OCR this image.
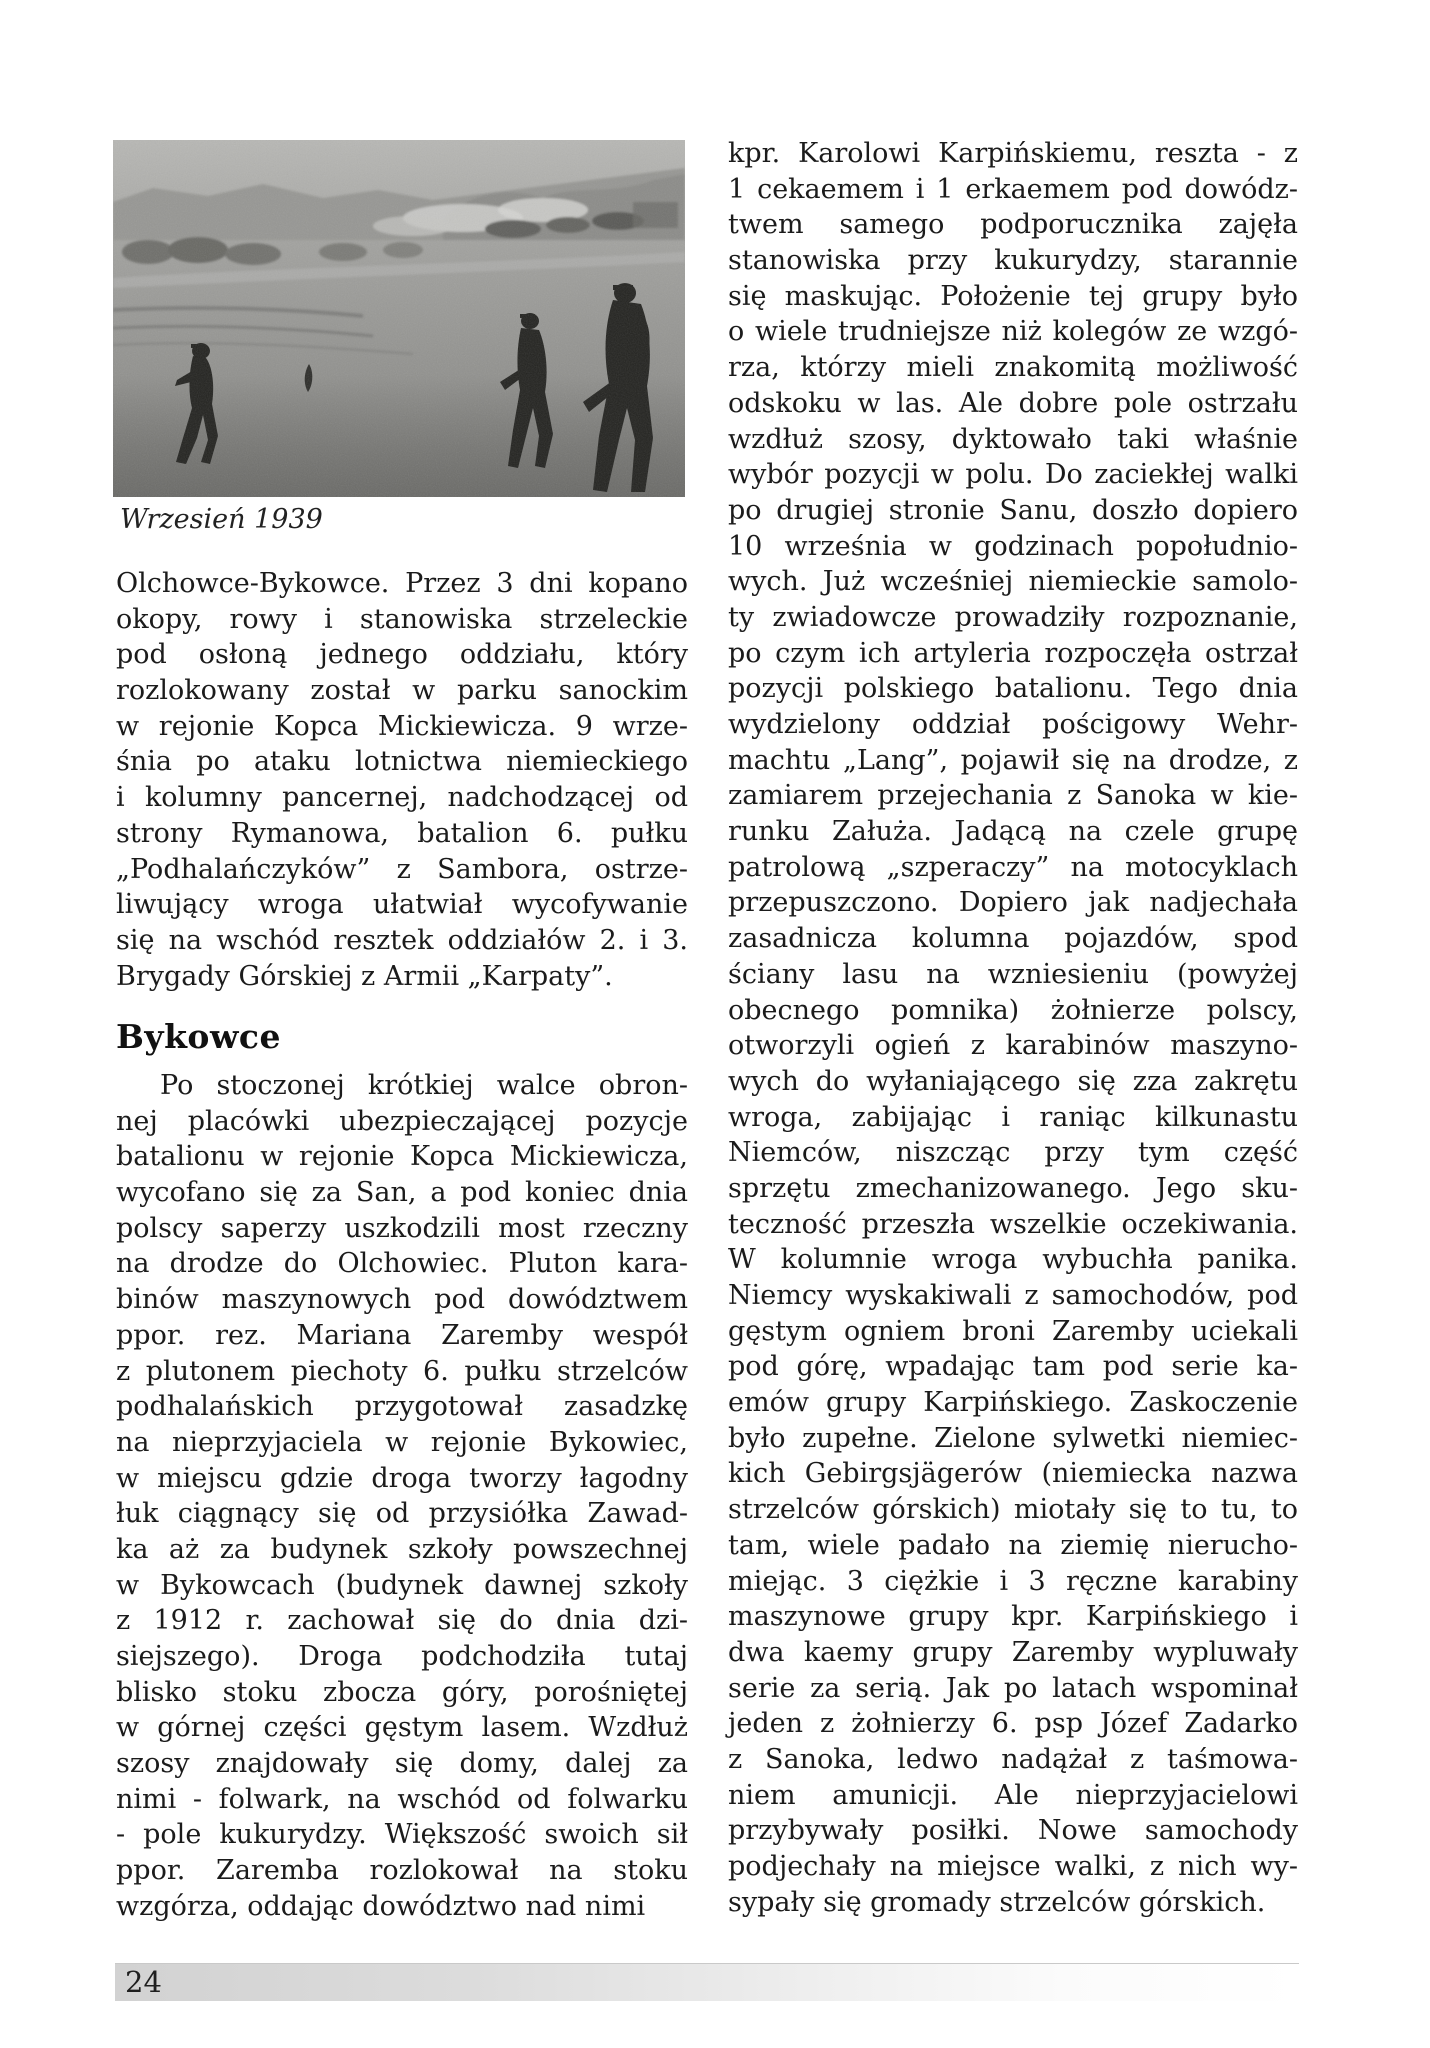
Wrzesień 1939
Olchowce-Bykowce. Przez 3 dni kopano
okopy, rowy i stanowiska strzeleckie
pod osłoną jednego oddziału, który
rozlokowany został w parku sanockim
w rejonie Kopca Mickiewicza. 9 wrze-
śnia po ataku lotnictwa niemieckiego
i kolumny pancernej, nadchodzącej od
strony Rymanowa, batalion 6. pułku
„Podhalańczyków” z Sambora, ostrze-
liwujący wroga ułatwiał wycofywanie
się na wschód resztek oddziałów 2. i 3.
Brygady Górskiej z Armii „Karpaty”.
Bykowce
Po stoczonej krótkiej walce obron-
nej placówki ubezpieczającej pozycje
batalionu w rejonie Kopca Mickiewicza,
wycofano się za San, a pod koniec dnia
polscy saperzy uszkodzili most rzeczny
na drodze do Olchowiec. Pluton kara-
binów maszynowych pod dowództwem
ppor. rez. Mariana Zaremby wespół
z plutonem piechoty 6. pułku strzelców
podhalańskich przygotował zasadzkę
na nieprzyjaciela w rejonie Bykowiec,
w miejscu gdzie droga tworzy łagodny
łuk ciągnący się od przysiółka Zawad-
ka aż za budynek szkoły powszechnej
w Bykowcach (budynek dawnej szkoły
z 1912 r. zachował się do dnia dzi-
siejszego). Droga podchodziła tutaj
blisko stoku zbocza góry, porośniętej
w górnej części gęstym lasem. Wzdłuż
szosy znajdowały się domy, dalej za
nimi - folwark, na wschód od folwarku
- pole kukurydzy. Większość swoich sił
ppor. Zaremba rozlokował na stoku
wzgórza, oddając dowództwo nad nimi
kpr. Karolowi Karpińskiemu, reszta - z
1 cekaemem i 1 erkaemem pod dowódz-
twem samego podporucznika zajęła
stanowiska przy kukurydzy, starannie
się maskując. Położenie tej grupy było
o wiele trudniejsze niż kolegów ze wzgó-
rza, którzy mieli znakomitą możliwość
odskoku w las. Ale dobre pole ostrzału
wzdłuż szosy, dyktowało taki właśnie
wybór pozycji w polu. Do zaciekłej walki
po drugiej stronie Sanu, doszło dopiero
10 września w godzinach popołudnio-
wych. Już wcześniej niemieckie samolo-
ty zwiadowcze prowadziły rozpoznanie,
po czym ich artyleria rozpoczęła ostrzał
pozycji polskiego batalionu. Tego dnia
wydzielony oddział pościgowy Wehr-
machtu „Lang”, pojawił się na drodze, z
zamiarem przejechania z Sanoka w kie-
runku Załuża. Jadącą na czele grupę
patrolową „szperaczy” na motocyklach
przepuszczono. Dopiero jak nadjechała
zasadnicza kolumna pojazdów, spod
ściany lasu na wzniesieniu (powyżej
obecnego pomnika) żołnierze polscy,
otworzyli ogień z karabinów maszyno-
wych do wyłaniającego się zza zakrętu
wroga, zabijając i raniąc kilkunastu
Niemców, niszcząc przy tym część
sprzętu zmechanizowanego. Jego sku-
teczność przeszła wszelkie oczekiwania.
W kolumnie wroga wybuchła panika.
Niemcy wyskakiwali z samochodów, pod
gęstym ogniem broni Zaremby uciekali
pod górę, wpadając tam pod serie ka-
emów grupy Karpińskiego. Zaskoczenie
było zupełne. Zielone sylwetki niemiec-
kich Gebirgsjägerów (niemiecka nazwa
strzelców górskich) miotały się to tu, to
tam, wiele padało na ziemię nierucho-
miejąc. 3 ciężkie i 3 ręczne karabiny
maszynowe grupy kpr. Karpińskiego i
dwa kaemy grupy Zaremby wypluwały
serie za serią. Jak po latach wspominał
jeden z żołnierzy 6. psp Józef Zadarko
z Sanoka, ledwo nadążał z taśmowa-
niem amunicji. Ale nieprzyjacielowi
przybywały posiłki. Nowe samochody
podjechały na miejsce walki, z nich wy-
sypały się gromady strzelców górskich.
24
